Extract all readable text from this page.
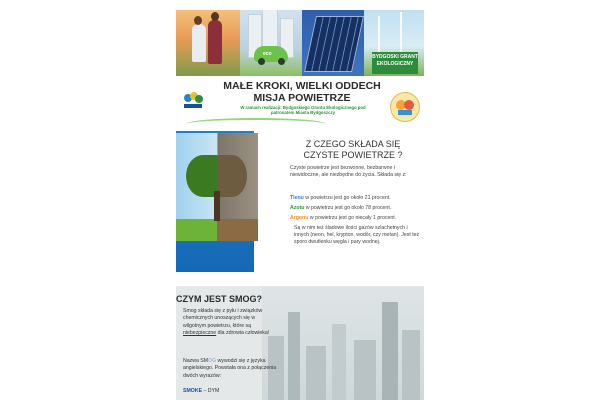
eco	BYDGOSKI GRANT EKOLOGICZNY
MAŁE KROKI, WIELKI ODDECH
MISJA POWIETRZE
W ramach realizacji: Bydgoskiego Grantu Ekologicznego pod patronatem Miasta Bydgoszczy
Z CZEGO SKŁADA SIĘ CZYSTE POWIETRZE ?
Czyste powietrze jest bezwonne, bezbarwne i niewidoczne, ale niezbędne do życia. Składa się z:
Tlenu w powietrzu jest go około 21 procent.
Azotu w powietrzu jest go około 78 procent.
Argonu w powietrzu jest go niecały 1 procent.
Są w nim też śladowe ilości gazów szlachetnych i innych (neon, hel, krypton, wodór, czy metan). Jest też sporo dwutlenku węgla i pary wodnej.
CZYM JEST SMOG?
Smog składa się z pyłu i związków chemicznych unoszących się w wilgotnym powietrzu, które są niebezpieczne dla zdrowia człowieka!
Nazwa SMOG wywodzi się z języka angielskiego. Powstała ona z połączenia dwóch wyrazów:
SMOKE – DYM
